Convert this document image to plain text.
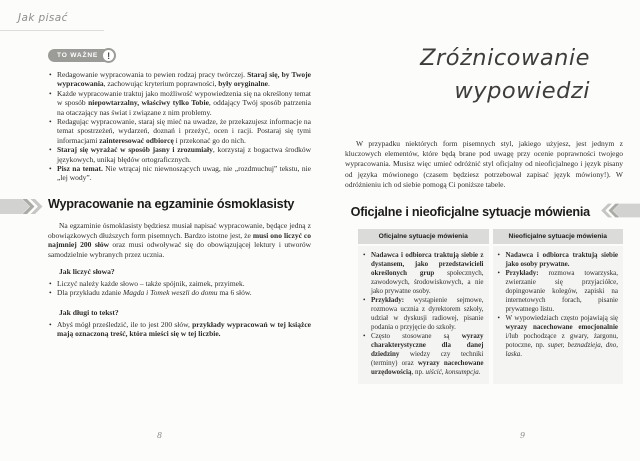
Jak pisać
TO WAŻNE	!
• Redagowanie wypracowania to pewien rodzaj pracy twórczej. Staraj się, by Twoje wypracowania, zachowując kryterium poprawności, były oryginalne.
• Każde wypracowanie traktuj jako możliwość wypowiedzenia się na określony temat w sposób niepowtarzalny, właściwy tylko Tobie, oddający Twój sposób patrzenia na otaczający nas świat i związane z nim problemy.
• Redagując wypracowanie, staraj się mieć na uwadze, że przekazujesz informacje na temat spostrzeżeń, wydarzeń, doznań i przeżyć, ocen i racji. Postaraj się tymi informacjami zainteresować odbiorcę i przekonać go do nich.
• Staraj się wyrażać w sposób jasny i zrozumiały, korzystaj z bogactwa środków językowych, unikaj błędów ortograficznych.
• Pisz na temat. Nie wtrącaj nic niewnoszących uwag, nie „rozdmuchuj” tekstu, nie „lej wody”.
Wypracowanie na egzaminie ósmoklasisty

Na egzaminie ósmoklasisty będziesz musiał napisać wypracowanie, będące jedną z obowiązkowych dłuższych form pisemnych. Bardzo istotne jest, że musi ono liczyć co najmniej 200 słów oraz musi odwoływać się do obowiązującej lektury i utworów samodzielnie wybranych przez ucznia.

Jak liczyć słowa?
• Liczyć należy każde słowo – także spójnik, zaimek, przyimek.
• Dla przykładu zdanie Magda i Tomek weszli do domu ma 6 słów.
Jak długi to tekst?
• Abyś mógł prześledzić, ile to jest 200 słów, przykłady wypracowań w tej książce mają oznaczoną treść, która mieści się w tej liczbie.
8
Zróżnicowanie
wypowiedzi

W przypadku niektórych form pisemnych styl, jakiego użyjesz, jest jednym z kluczowych elementów, które będą brane pod uwagę przy ocenie poprawności twojego wypracowania. Musisz więc umieć odróżnić styl oficjalny od nieoficjalnego i język pisany od języka mówionego (czasem będziesz potrzebował zapisać język mówiony!). W odróżnieniu ich od siebie pomogą Ci poniższe tabele.

Oficjalne i nieoficjalne sytuacje mówienia
Oficjalne sytuacje mówienia
• Nadawca i odbiorca traktują siebie z dystansem, jako przedstawicieli określonych grup społecznych, zawodowych, środowiskowych, a nie jako prywatne osoby.
• Przykłady: wystąpienie sejmowe, rozmowa ucznia z dyrektorem szkoły, udział w dyskusji radiowej, pisanie podania o przyjęcie do szkoły.
• Często stosowane są wyrazy charakterystyczne dla danej dziedziny wiedzy czy techniki (terminy) oraz wyrazy nacechowane urzędowością, np. uiścić, konsumpcja.
Nieoficjalne sytuacje mówienia
• Nadawca i odbiorca traktują siebie jako osoby prywatne.
• Przykłady: rozmowa towarzyska, zwierzanie się przyjaciółce, dopingowanie kolegów, zapiski na internetowych forach, pisanie prywatnego listu.
• W wypowiedziach często pojawiają się wyrazy nacechowane emocjonalnie i/lub pochodzące z gwary, żargonu, potoczne, np. super, beznadzieja, dno, laska.
9
